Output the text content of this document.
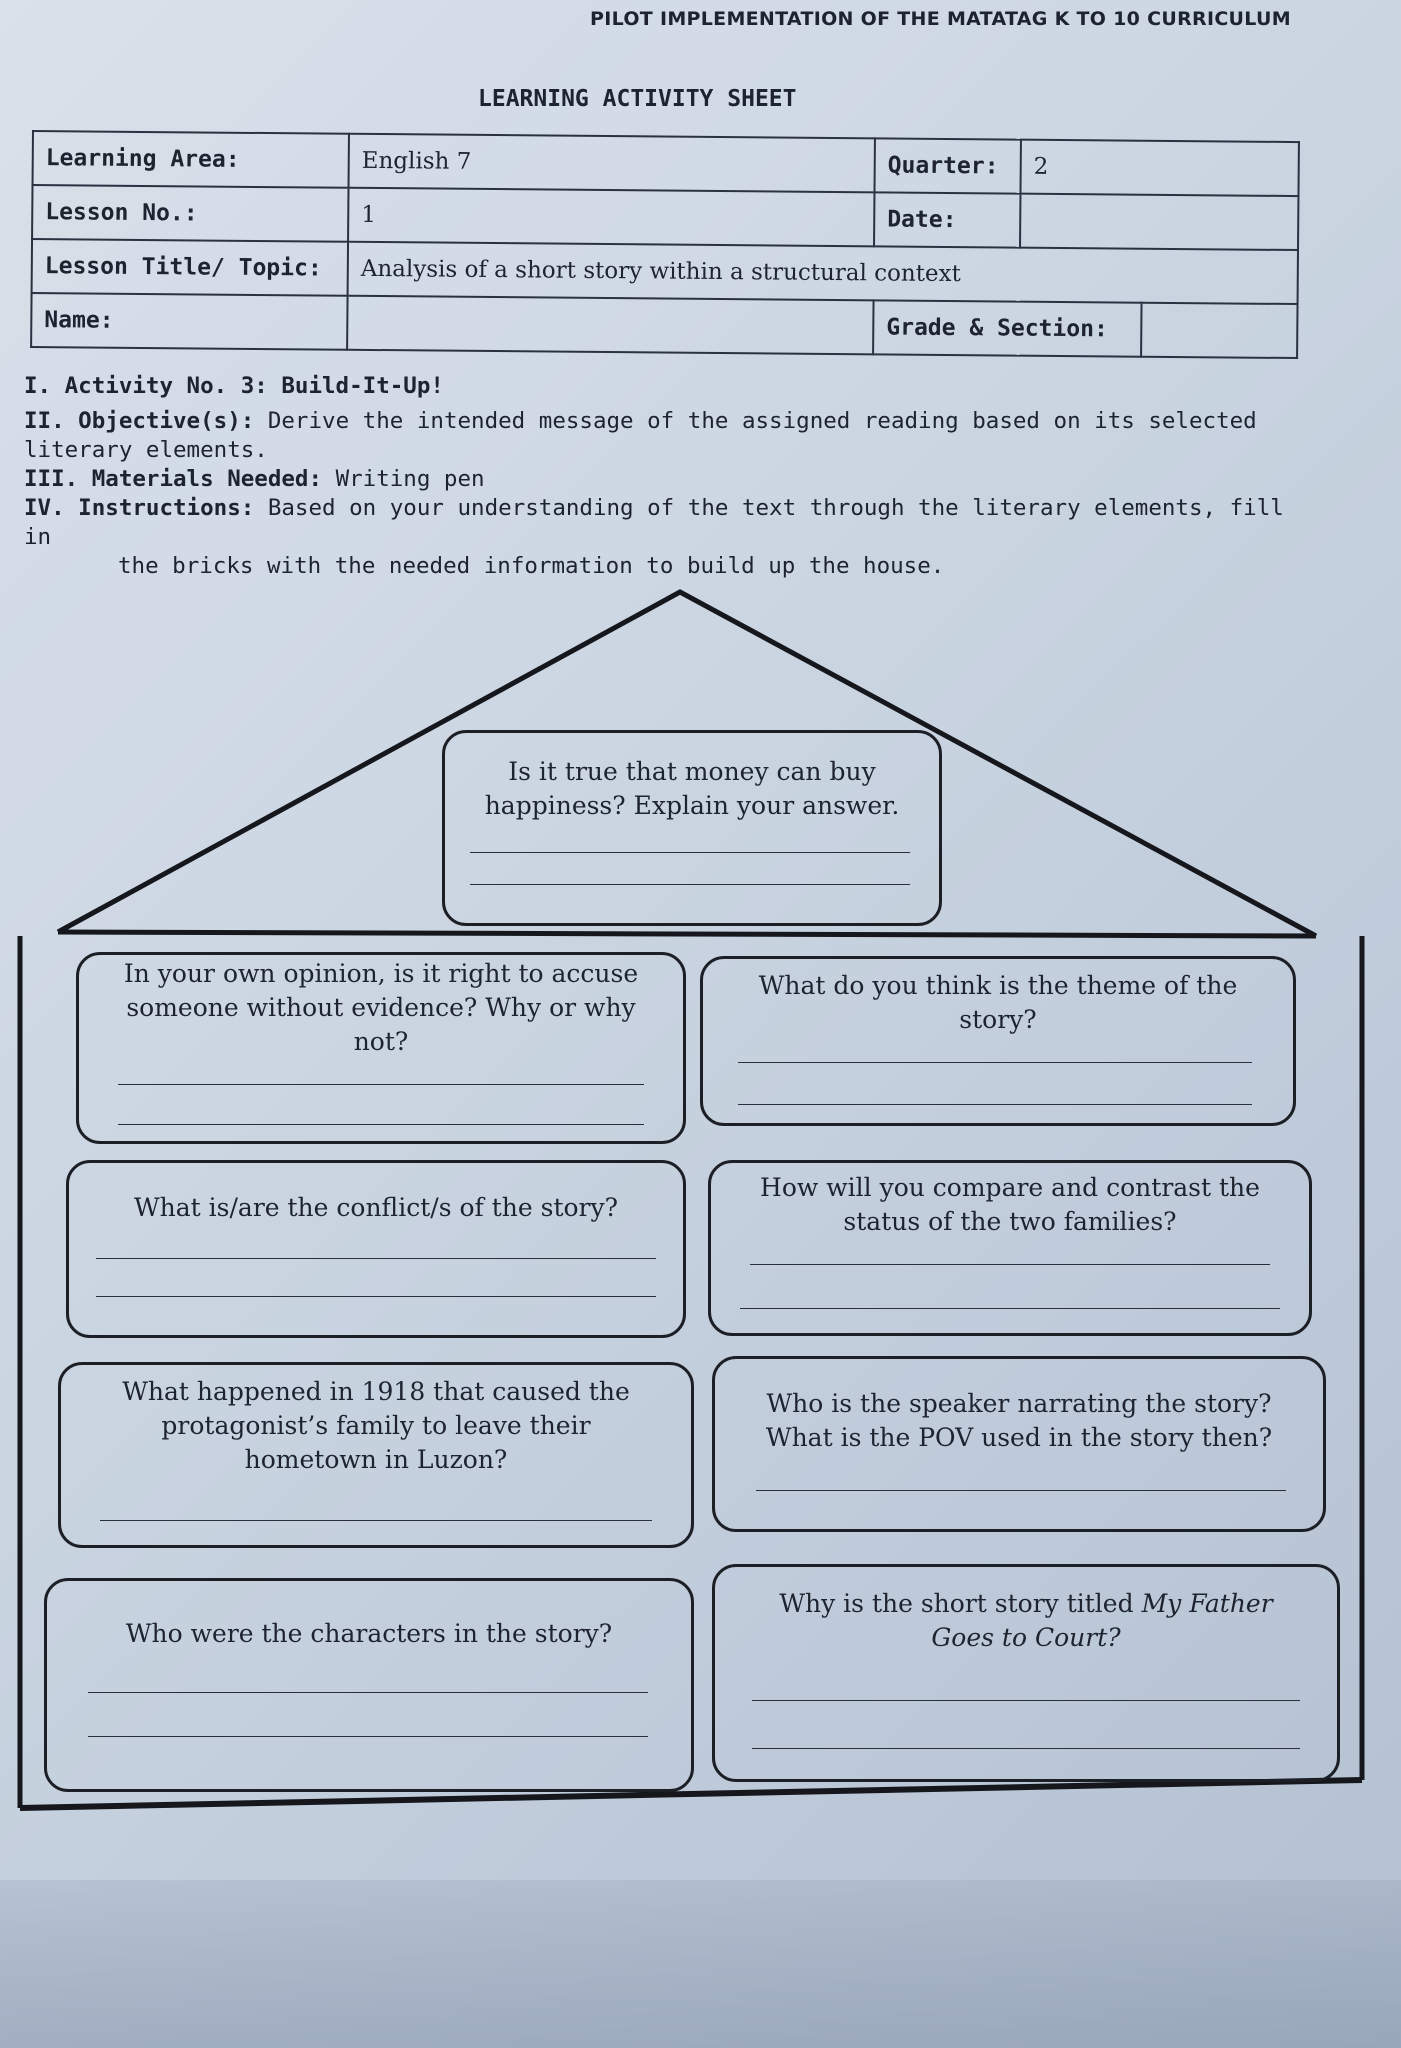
PILOT IMPLEMENTATION OF THE MATATAG K TO 10 CURRICULUM
LEARNING ACTIVITY SHEET
Learning Area:	English 7	Quarter:	2	
Lesson No.:	1	Date:		
Lesson Title/ Topic:	Analysis of a short story within a structural context			
Name:		Grade & Section:		

I. Activity No. 3: Build-It-Up!

II. Objective(s): Derive the intended message of the assigned reading based on its selected

literary elements.

III. Materials Needed: Writing pen

IV. Instructions: Based on your understanding of the text through the literary elements, fill in

the bricks with the needed information to build up the house.

Is it true that money can buy
happiness? Explain your answer.
In your own opinion, is it right to accuse
someone without evidence? Why or why
not?
What do you think is the theme of the
story?
What is/are the conflict/s of the story?
How will you compare and contrast the
status of the two families?
What happened in 1918 that caused the
protagonist’s family to leave their
hometown in Luzon?
Who is the speaker narrating the story?
What is the POV used in the story then?
Who were the characters in the story?
Why is the short story titled My Father
Goes to Court?
